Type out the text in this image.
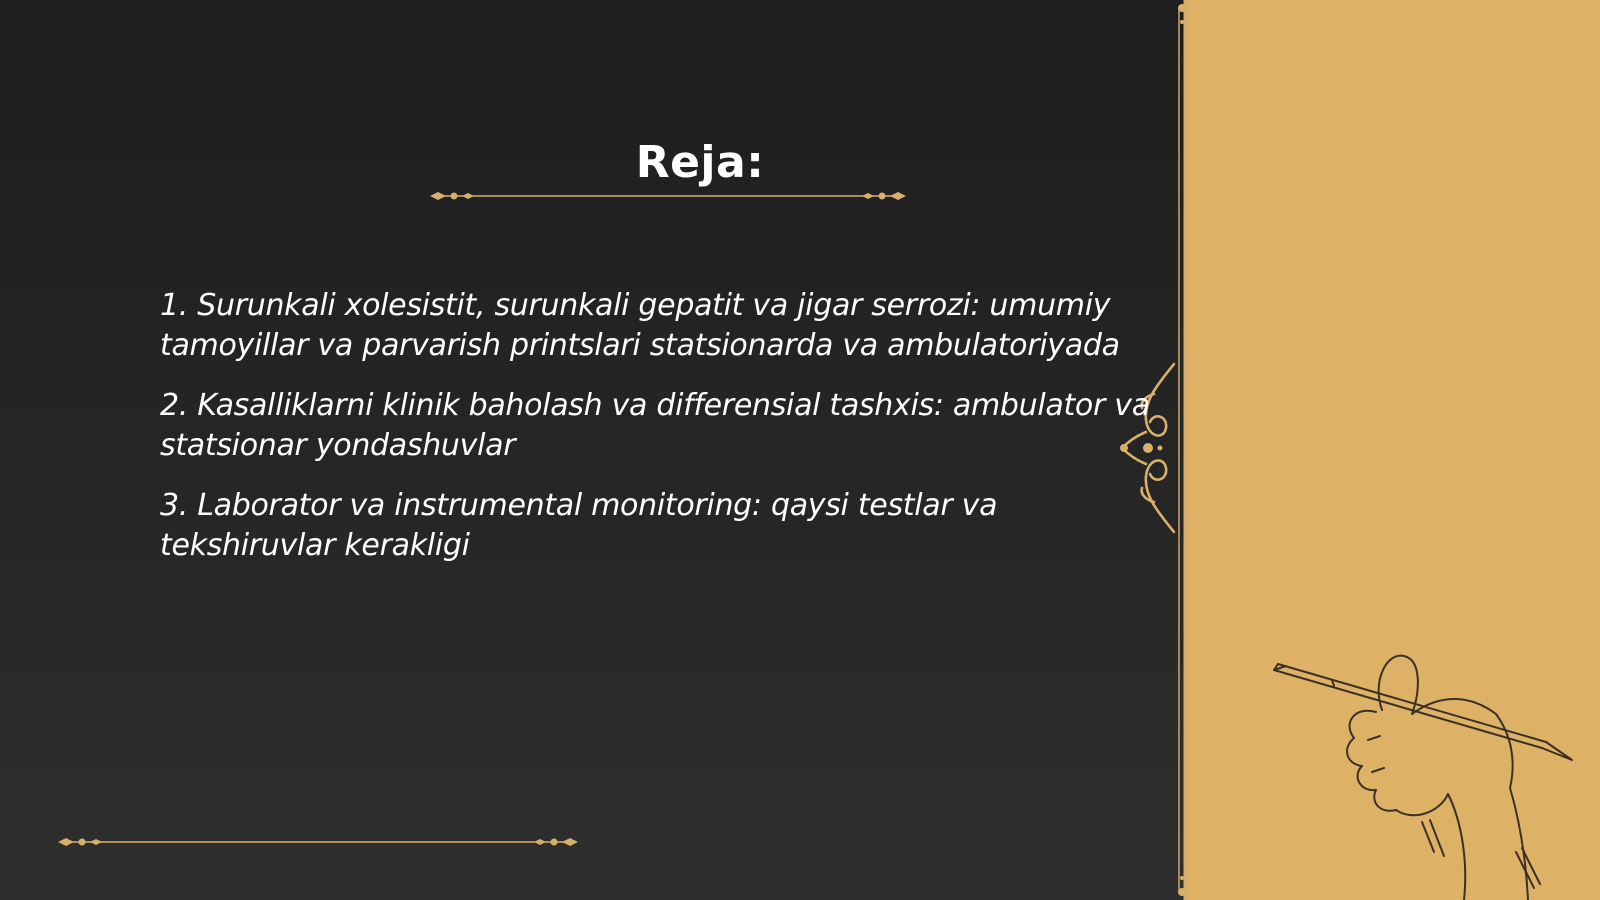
Reja:
1. Surunkali xolesistit, surunkali gepatit va jigar serrozi: umumiy tamoyillar va parvarish printslari statsionarda va ambulatoriyada
2. Kasalliklarni klinik baholash va differensial tashxis: ambulator va statsionar yondashuvlar
3. Laborator va instrumental monitoring: qaysi testlar va tekshiruvlar kerakligi
